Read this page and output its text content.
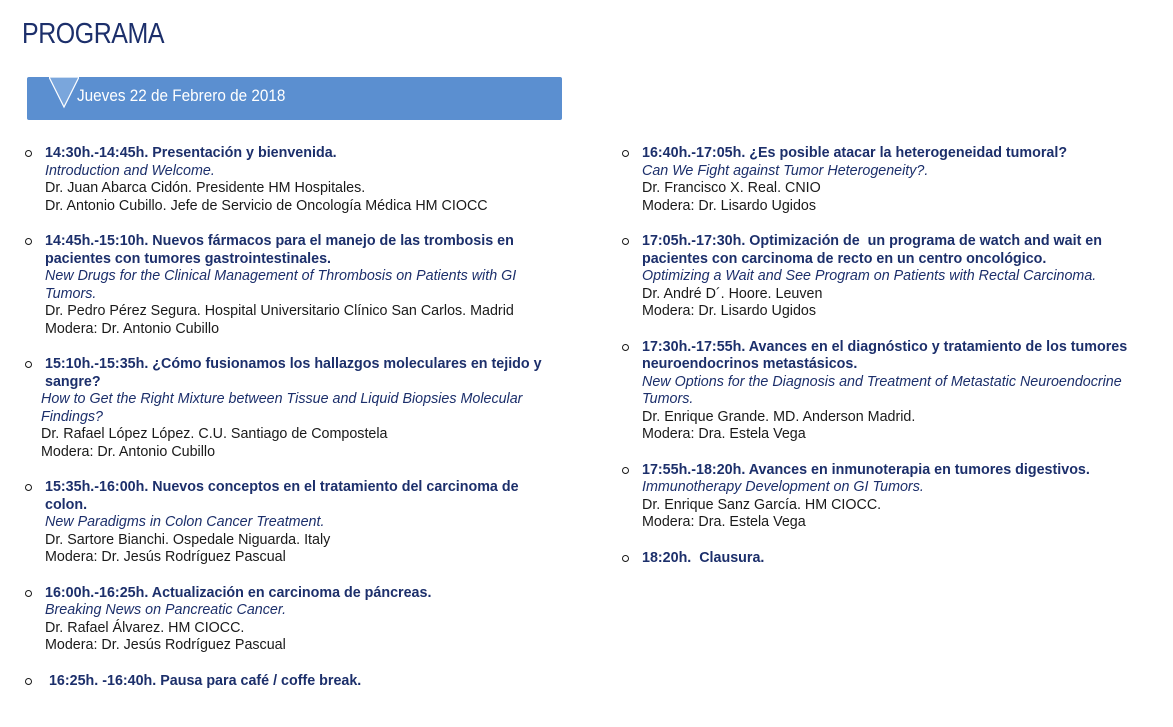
PROGRAMA
Jueves 22 de Febrero de 2018
14:30h.-14:45h. Presentación y bienvenida.
Introduction and Welcome.
Dr. Juan Abarca Cidón. Presidente HM Hospitales.
Dr. Antonio Cubillo. Jefe de Servicio de Oncología Médica HM CIOCC
14:45h.-15:10h. Nuevos fármacos para el manejo de las trombosis en pacientes con tumores gastrointestinales.
New Drugs for the Clinical Management of Thrombosis on Patients with GI Tumors.
Dr. Pedro Pérez Segura. Hospital Universitario Clínico San Carlos. Madrid
Modera: Dr. Antonio Cubillo
15:10h.-15:35h. ¿Cómo fusionamos los hallazgos moleculares en tejido y sangre?
How to Get the Right Mixture between Tissue and Liquid Biopsies Molecular Findings?
Dr. Rafael López López. C.U. Santiago de Compostela
Modera: Dr. Antonio Cubillo
15:35h.-16:00h. Nuevos conceptos en el tratamiento del carcinoma de colon.
New Paradigms in Colon Cancer Treatment.
Dr. Sartore Bianchi. Ospedale Niguarda. Italy
Modera: Dr. Jesús Rodríguez Pascual
16:00h.-16:25h. Actualización en carcinoma de páncreas.
Breaking News on Pancreatic Cancer.
Dr. Rafael Álvarez. HM CIOCC.
Modera: Dr. Jesús Rodríguez Pascual
16:25h. -16:40h. Pausa para café / coffe break.
16:40h.-17:05h. ¿Es posible atacar la heterogeneidad tumoral?
Can We Fight against Tumor Heterogeneity?.
Dr. Francisco X. Real. CNIO
Modera: Dr. Lisardo Ugidos
17:05h.-17:30h. Optimización de  un programa de watch and wait en pacientes con carcinoma de recto en un centro oncológico.
Optimizing a Wait and See Program on Patients with Rectal Carcinoma.
Dr. André D´. Hoore. Leuven
Modera: Dr. Lisardo Ugidos
17:30h.-17:55h. Avances en el diagnóstico y tratamiento de los tumores neuroendocrinos metastásicos.
New Options for the Diagnosis and Treatment of Metastatic Neuroendocrine Tumors.
Dr. Enrique Grande. MD. Anderson Madrid.
Modera: Dra. Estela Vega
17:55h.-18:20h. Avances en inmunoterapia en tumores digestivos.
Immunotherapy Development on GI Tumors.
Dr. Enrique Sanz García. HM CIOCC.
Modera: Dra. Estela Vega
18:20h.  Clausura.
